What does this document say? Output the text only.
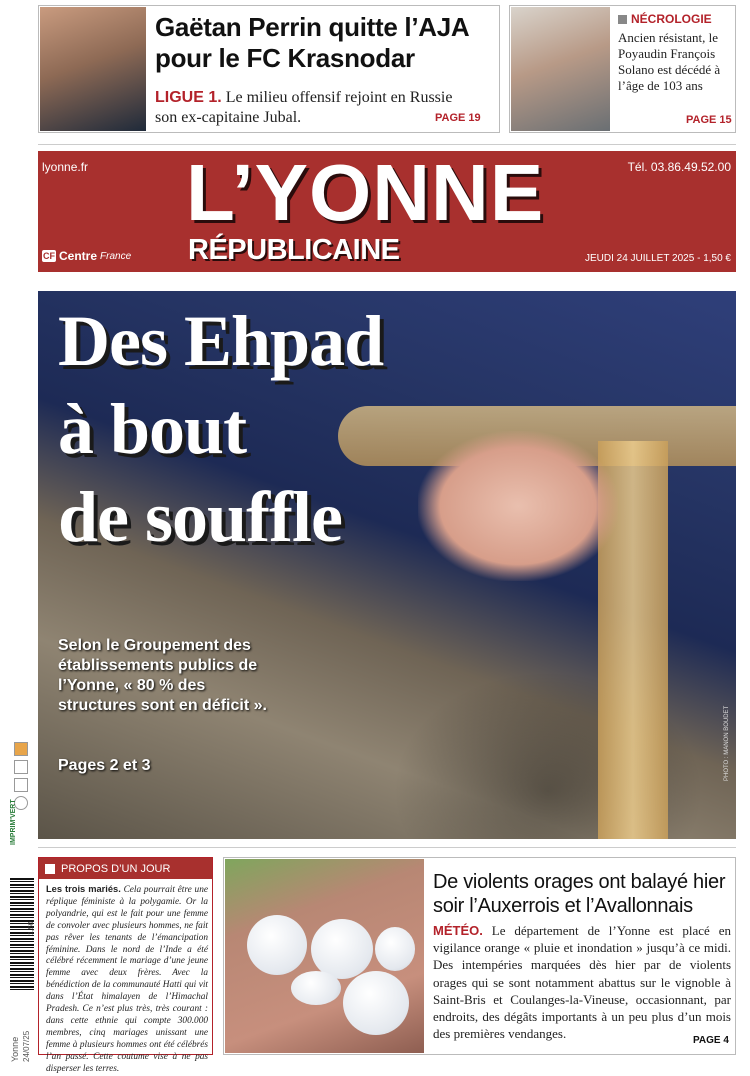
Gaëtan Perrin quitte l’AJA
pour le FC Krasnodar
LIGUE 1. Le milieu offensif rejoint en Russie son ex-capitaine Jubal.	PAGE 19
NÉCROLOGIE
Ancien résistant, le Poyaudin François Solano est décédé à l’âge de 103 ans
PAGE 15
lyonne.fr	Tél. 03.86.49.52.00
L’YONNE
RÉPUBLICAINE
CF Centre France	JEUDI 24 JUILLET 2025 - 1,50 €
Des Ehpad
à bout
de souffle
Selon le Groupement des établissements publics de l’Yonne, « 80 % des structures sont en déficit ».
Pages 2 et 3	PHOTO : MANON BOUDET
IMPRIM'VERT
1,50
Yonne 24/07/25
PROPOS D’UN JOUR
Les trois mariés. Cela pourrait être une réplique féministe à la polygamie. Or la polyandrie, qui est le fait pour une femme de convoler avec plusieurs hommes, ne fait pas rêver les tenants de l’émancipation féminine. Dans le nord de l’Inde a été célébré récemment le mariage d’une jeune femme avec deux frères. Avec la bénédiction de la communauté Hatti qui vit dans l’État himalayen de l’Himachal Pradesh. Ce n’est plus très, très courant : dans cette ethnie qui compte 300.000 membres, cinq mariages unissant une femme à plusieurs hommes ont été célébrés l’an passé. Cette coutume vise à ne pas disperser les terres.
De violents orages ont balayé hier soir l’Auxerrois et l’Avallonnais
MÉTÉO. Le département de l’Yonne est placé en vigilance orange « pluie et inondation » jusqu’à ce midi. Des intempéries marquées dès hier par de violents orages qui se sont notamment abattus sur le vignoble à Saint-Bris et Coulanges-la-Vineuse, occasionnant, par endroits, des dégâts importants à un peu plus d’un mois des premières vendanges.	PAGE 4
